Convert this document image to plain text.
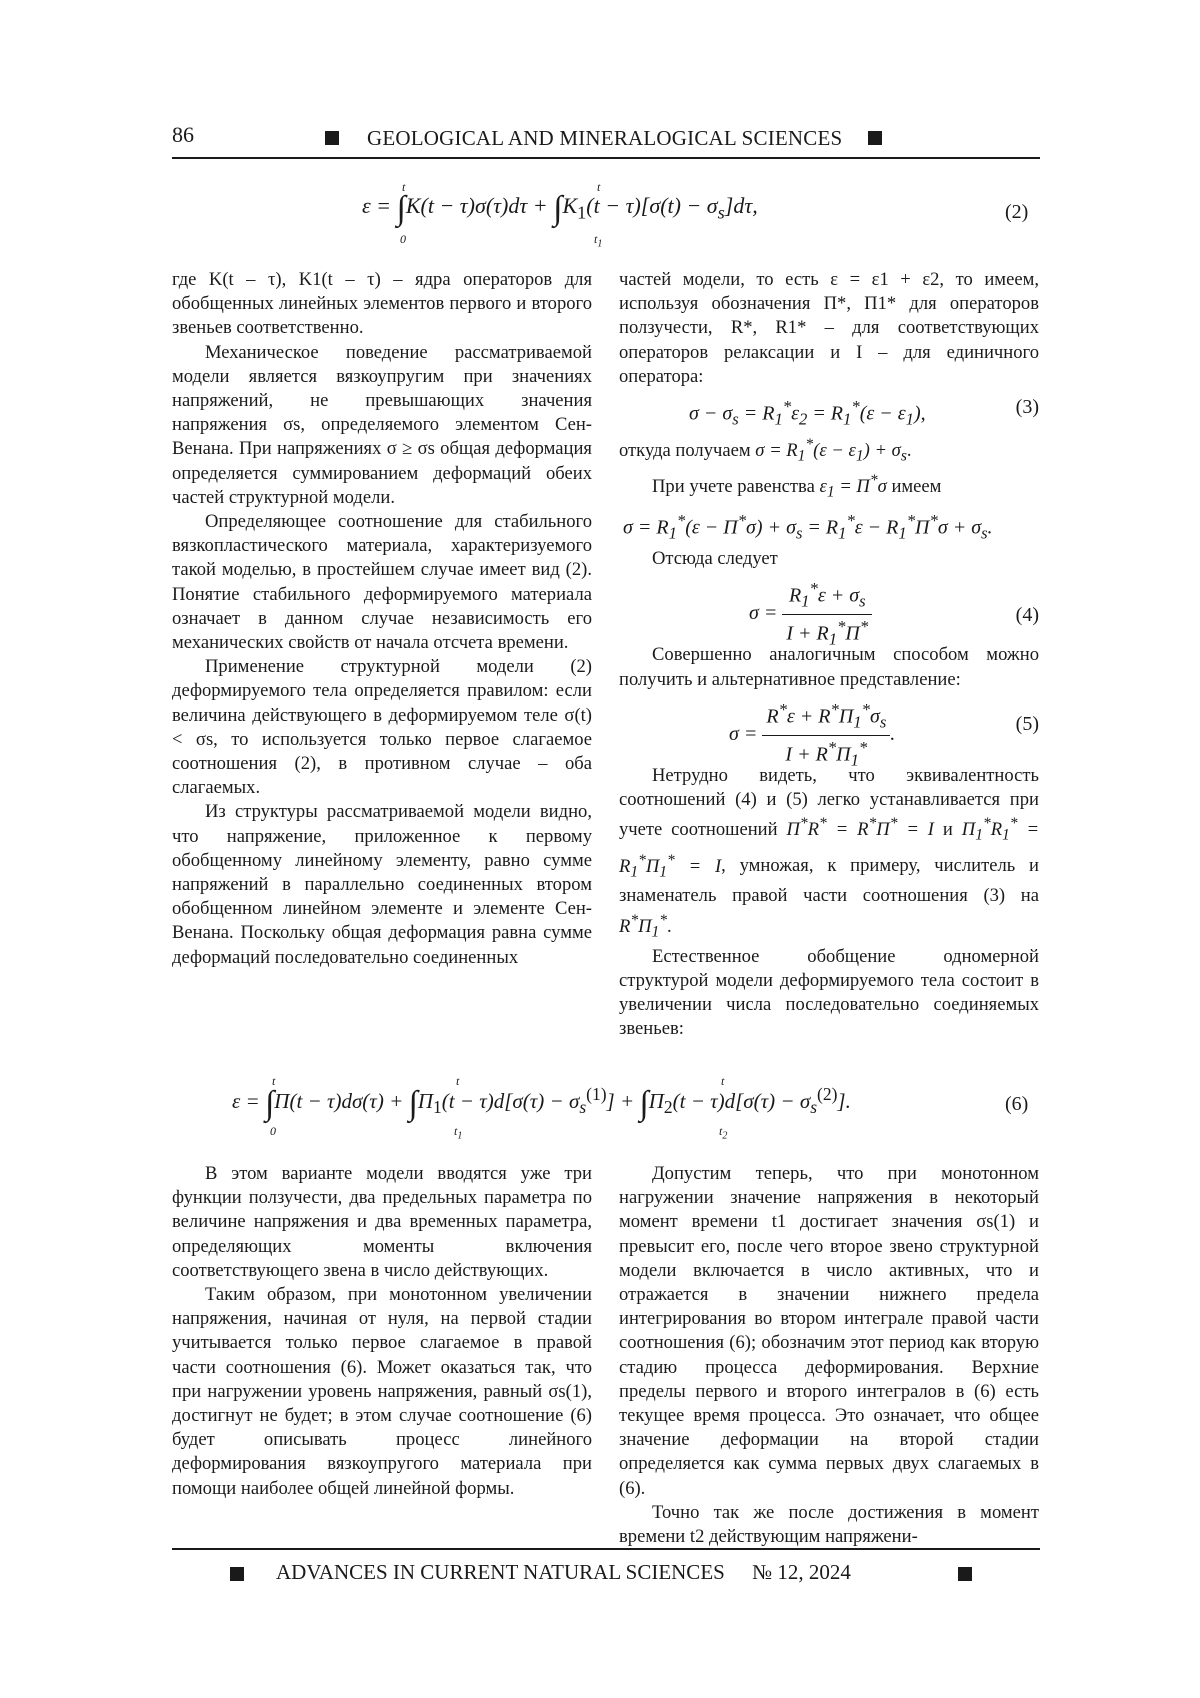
86	GEOLOGICAL AND MINERALOGICAL SCIENCES
$\varepsilon = \int K(t - \tau)\sigma(\tau)d\tau + \int K_1(t - \tau)[\sigma(t) - \sigma_s]d\tau$,
t
0
t
$t_1$
(2)

где K(t – τ), K1(t – τ) – ядра операторов для обобщенных линейных элементов первого и второго звеньев соответственно.

Механическое поведение рассматриваемой модели является вязкоупругим при значениях напряжений, не превышающих значения напряжения σs, определяемого элементом Сен-Венана. При напряжениях σ ≥ σs общая деформация определяется суммированием деформаций обеих частей структурной модели.

Определяющее соотношение для стабильного вязкопластического материала, характеризуемого такой моделью, в простейшем случае имеет вид (2). Понятие стабильного деформируемого материала означает в данном случае независимость его механических свойств от начала отсчета времени.

Применение структурной модели (2) деформируемого тела определяется правилом: если величина действующего в деформируемом теле σ(t) < σs, то используется только первое слагаемое соотношения (2), в противном случае – оба слагаемых.

Из структуры рассматриваемой модели видно, что напряжение, приложенное к первому обобщенному линейному элементу, равно сумме напряжений в параллельно соединенных втором обобщенном линейном элементе и элементе Сен-Венана. Поскольку общая деформация равна сумме деформаций последовательно соединенных

частей модели, то есть ε = ε1 + ε2, то имеем, используя обозначения П*, П1* для операторов ползучести, R*, R1* – для соответствующих операторов релаксации и I – для единичного оператора:

$\sigma - \sigma_s = R_1^*\varepsilon_2 = R_1^*(\varepsilon - \varepsilon_1)$,	(3)

откуда получаем $\sigma = R_1^*(\varepsilon - \varepsilon_1) + \sigma_s$.

При учете равенства $\varepsilon_1 = П^*\sigma$ имеем

$\sigma = R_1^*(\varepsilon - П^*\sigma) + \sigma_s = R_1^*\varepsilon - R_1^*П^*\sigma + \sigma_s$.

Отсюда следует

$\sigma = \frac{R_1^*\varepsilon + \sigma_s}{I + R_1^*П^*}$	(4)

Совершенно аналогичным способом можно получить и альтернативное представление:

$\sigma = \frac{R^*\varepsilon + R^*П_1^*\sigma_s}{I + R^*П_1^*}$ .	(5)

Нетрудно видеть, что эквивалентность соотношений (4) и (5) легко устанавливается при учете соотношений П*R* = R*П* = I и $П_1^*R_1^* = R_1^*П_1^* = I$, умножая, к примеру, числитель и знаменатель правой части соотношения (3) на $R^*П_1^*$.

Естественное обобщение одномерной структурой модели деформируемого тела состоит в увеличении числа последовательно соединяемых звеньев:

$\varepsilon = \int П(t - \tau)d\sigma(\tau) + \int П_1(t - \tau)d[\sigma(\tau) - \sigma_s^{(1)}] + \int П_2(t - \tau)d[\sigma(\tau) - \sigma_s^{(2)}]$.
t
0
t
$t_1$
t
$t_2$
(6)

В этом варианте модели вводятся уже три функции ползучести, два предельных параметра по величине напряжения и два временных параметра, определяющих моменты включения соответствующего звена в число действующих.

Таким образом, при монотонном увеличении напряжения, начиная от нуля, на первой стадии учитывается только первое слагаемое в правой части соотношения (6). Может оказаться так, что при нагружении уровень напряжения, равный σs(1), достигнут не будет; в этом случае соотношение (6) будет описывать процесс линейного деформирования вязкоупругого материала при помощи наиболее общей линейной формы.

Допустим теперь, что при монотонном нагружении значение напряжения в некоторый момент времени t1 достигает значения σs(1) и превысит его, после чего второе звено структурной модели включается в число активных, что и отражается в значении нижнего предела интегрирования во втором интеграле правой части соотношения (6); обозначим этот период как вторую стадию процесса деформирования. Верхние пределы первого и второго интегралов в (6) есть текущее время процесса. Это означает, что общее значение деформации на второй стадии определяется как сумма первых двух слагаемых в (6).

Точно так же после достижения в момент времени t2 действующим напряжени-

ADVANCES IN CURRENT NATURAL SCIENCES № 12, 2024
